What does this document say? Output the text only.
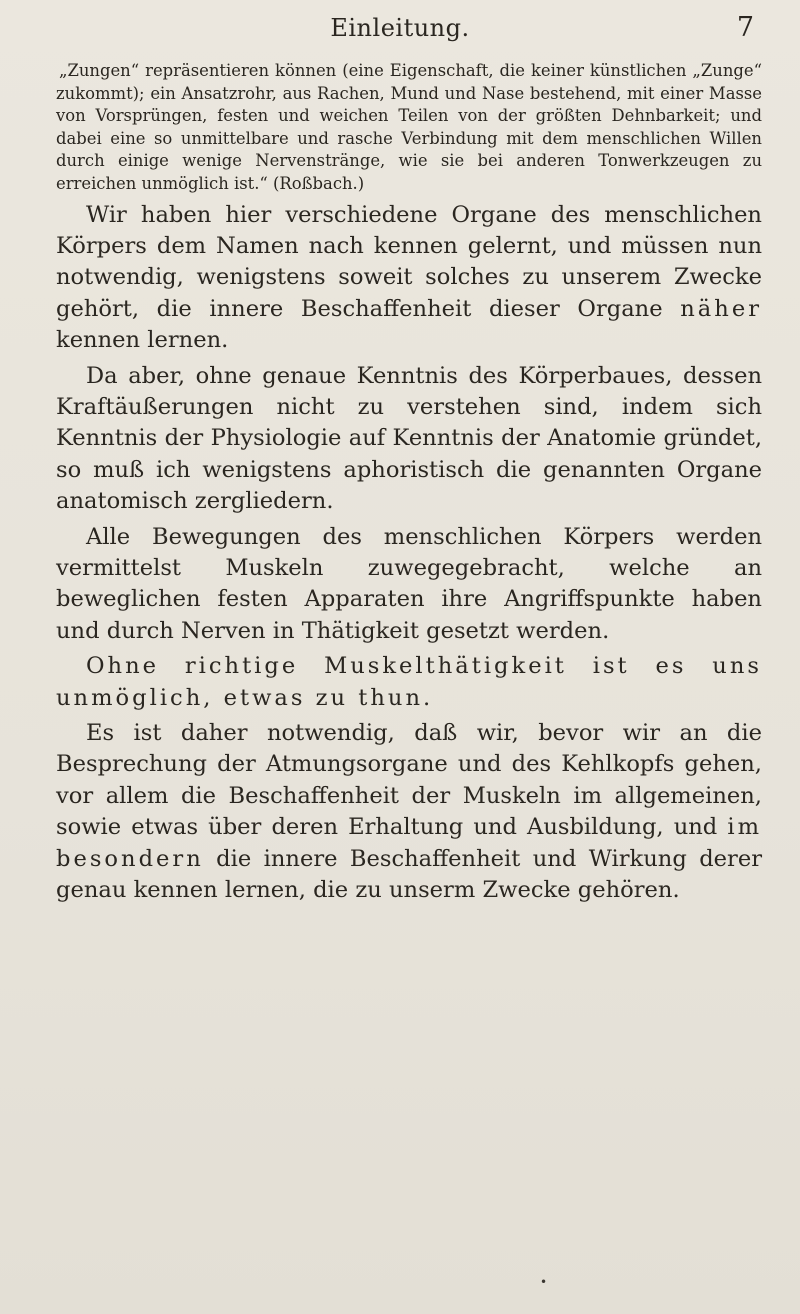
Einleitung.	7

„Zungen“ repräsentieren können (eine Eigenschaft, die keiner künstlichen „Zunge“ zukommt); ein Ansatzrohr, aus Rachen, Mund und Nase bestehend, mit einer Masse von Vorsprüngen, festen und weichen Teilen von der größten Dehnbarkeit; und dabei eine so unmittelbare und rasche Verbindung mit dem menschlichen Willen durch einige wenige Nervenstränge, wie sie bei anderen Tonwerkzeugen zu erreichen unmöglich ist.“ (Roßbach.)

Wir haben hier verschiedene Organe des menschlichen Körpers dem Namen nach kennen gelernt, und müssen nun notwendig, wenigstens soweit solches zu unserem Zwecke gehört, die innere Beschaffenheit dieser Organe näher kennen lernen.

Da aber, ohne genaue Kenntnis des Körperbaues, dessen Kraftäußerungen nicht zu verstehen sind, indem sich Kenntnis der Physiologie auf Kenntnis der Anatomie gründet, so muß ich wenigstens aphoristisch die genannten Organe anatomisch zergliedern.

Alle Bewegungen des menschlichen Körpers werden vermittelst Muskeln zuwegegebracht, welche an beweglichen festen Apparaten ihre Angriffspunkte haben und durch Nerven in Thätigkeit gesetzt werden.

Ohne richtige Muskelthätigkeit ist es uns unmöglich, etwas zu thun.

Es ist daher notwendig, daß wir, bevor wir an die Besprechung der Atmungsorgane und des Kehlkopfs gehen, vor allem die Beschaffenheit der Muskeln im allgemeinen, sowie etwas über deren Erhaltung und Ausbildung, und im besondern die innere Beschaffenheit und Wirkung derer genau kennen lernen, die zu unserm Zwecke gehören.

•
